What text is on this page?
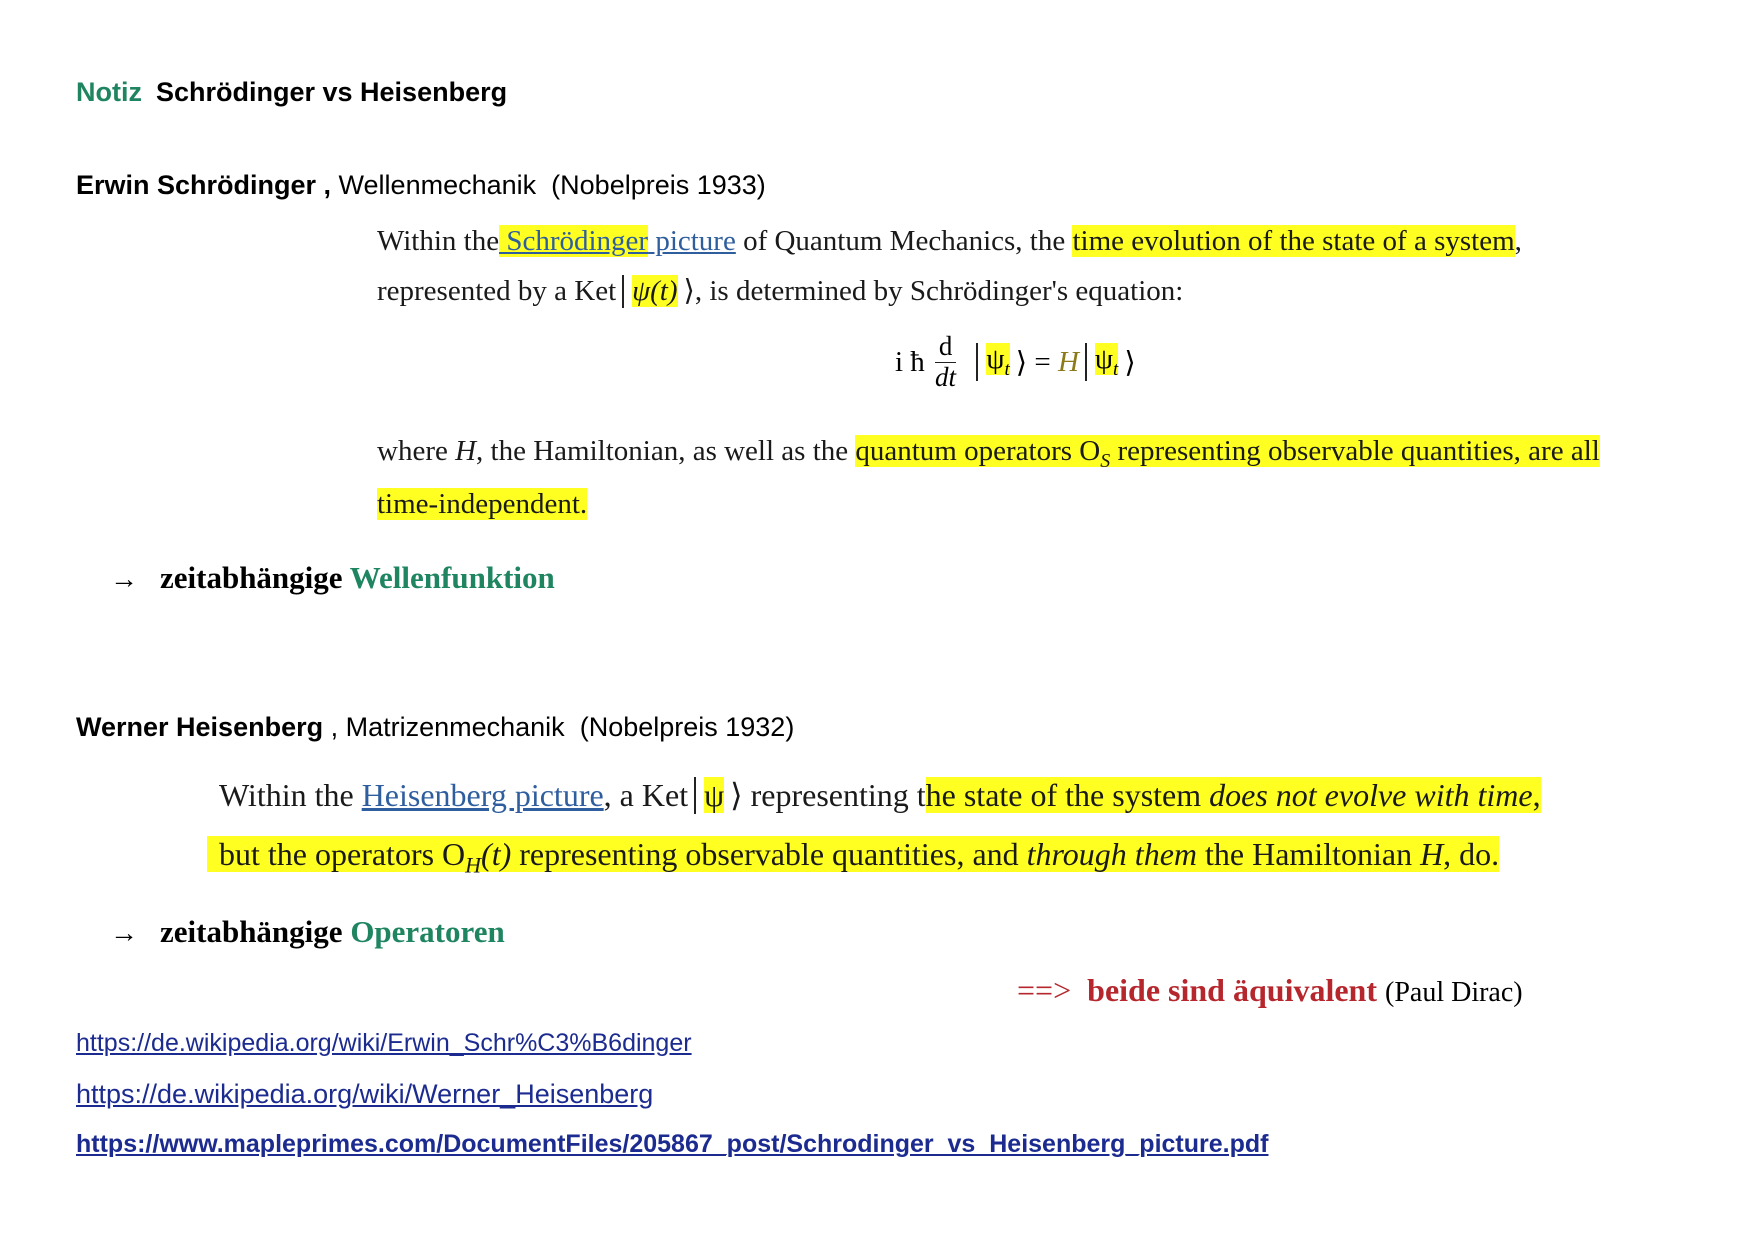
Notiz Schrödinger vs Heisenberg
Erwin Schrödinger , Wellenmechanik (Nobelpreis 1933)
Within the Schrödinger picture of Quantum Mechanics, the time evolution of the state of a system,
represented by a Ket ψ(t) ⟩, is determined by Schrödinger's equation:
i ħ $\frac{d}{dt}$	$\psi_t$ ⟩ = H $\psi_t$ ⟩
where H, the Hamiltonian, as well as the quantum operators $O_S$ representing observable quantities, are all
time-independent.
→ zeitabhängige Wellenfunktion
Werner Heisenberg , Matrizenmechanik (Nobelpreis 1932)
Within the Heisenberg picture, a Ket ψ ⟩ representing the state of the system does not evolve with time,
but the operators $O_H(t)$ representing observable quantities, and through them the Hamiltonian H, do.
→ zeitabhängige Operatoren
==> beide sind äquivalent (Paul Dirac)
https://de.wikipedia.org/wiki/Erwin_Schr%C3%B6dinger
https://de.wikipedia.org/wiki/Werner_Heisenberg
https://www.mapleprimes.com/DocumentFiles/205867_post/Schrodinger_vs_Heisenberg_picture.pdf
